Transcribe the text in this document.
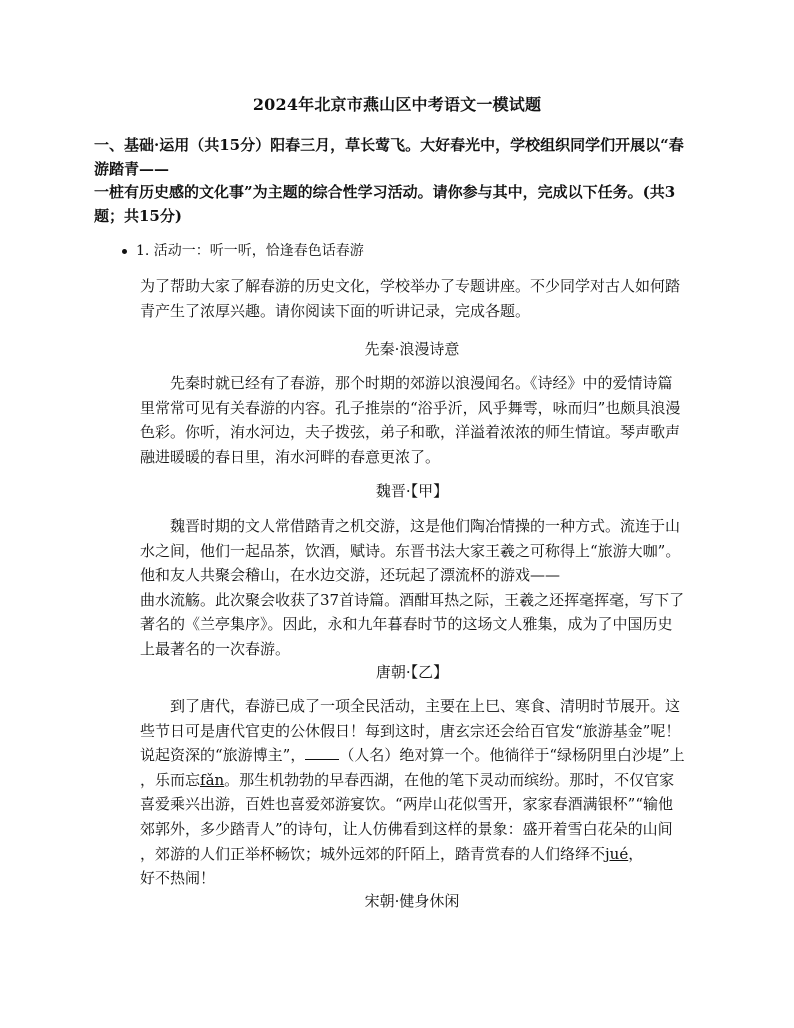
2024年北京市燕山区中考语文一模试题
一、基础·运用（共15分）阳春三月，草长莺飞。大好春光中，学校组织同学们开展以“春
游踏青——
一桩有历史感的文化事”为主题的综合性学习活动。请你参与其中，完成以下任务。(共3
题；共15分)
1. 活动一：听一听，恰逢春色话春游
为了帮助大家了解春游的历史文化，学校举办了专题讲座。不少同学对古人如何踏
青产生了浓厚兴趣。请你阅读下面的听讲记录，完成各题。
先秦·浪漫诗意
先秦时就已经有了春游，那个时期的郊游以浪漫闻名。《诗经》中的爱情诗篇
里常常可见有关春游的内容。孔子推崇的“浴乎沂，风乎舞雩，咏而归”也颇具浪漫
色彩。你听，洧水河边，夫子拨弦，弟子和歌，洋溢着浓浓的师生情谊。琴声歌声
融进暖暖的春日里，洧水河畔的春意更浓了。
魏晋·【甲】
魏晋时期的文人常借踏青之机交游，这是他们陶冶情操的一种方式。流连于山
水之间，他们一起品茶，饮酒，赋诗。东晋书法大家王羲之可称得上“旅游大咖”。
他和友人共聚会稽山，在水边交游，还玩起了漂流杯的游戏——
曲水流觞。此次聚会收获了37首诗篇。酒酣耳热之际，王羲之还挥毫挥毫，写下了
著名的《兰亭集序》。因此，永和九年暮春时节的这场文人雅集，成为了中国历史
上最著名的一次春游。
唐朝·【乙】
到了唐代，春游已成了一项全民活动，主要在上巳、寒食、清明时节展开。这
些节日可是唐代官吏的公休假日！每到这时，唐玄宗还会给百官发“旅游基金”呢！
说起资深的“旅游博主”， （人名）绝对算一个。他徜徉于“绿杨阴里白沙堤”上
，乐而忘fǎn。那生机勃勃的早春西湖，在他的笔下灵动而缤纷。那时，不仅官家
喜爱乘兴出游，百姓也喜爱郊游宴饮。“两岸山花似雪开，家家春酒满银杯”“输他
郊郭外，多少踏青人”的诗句，让人仿佛看到这样的景象：盛开着雪白花朵的山间
，郊游的人们正举杯畅饮；城外远郊的阡陌上，踏青赏春的人们络绎不jué，
好不热闹！
宋朝·健身休闲
